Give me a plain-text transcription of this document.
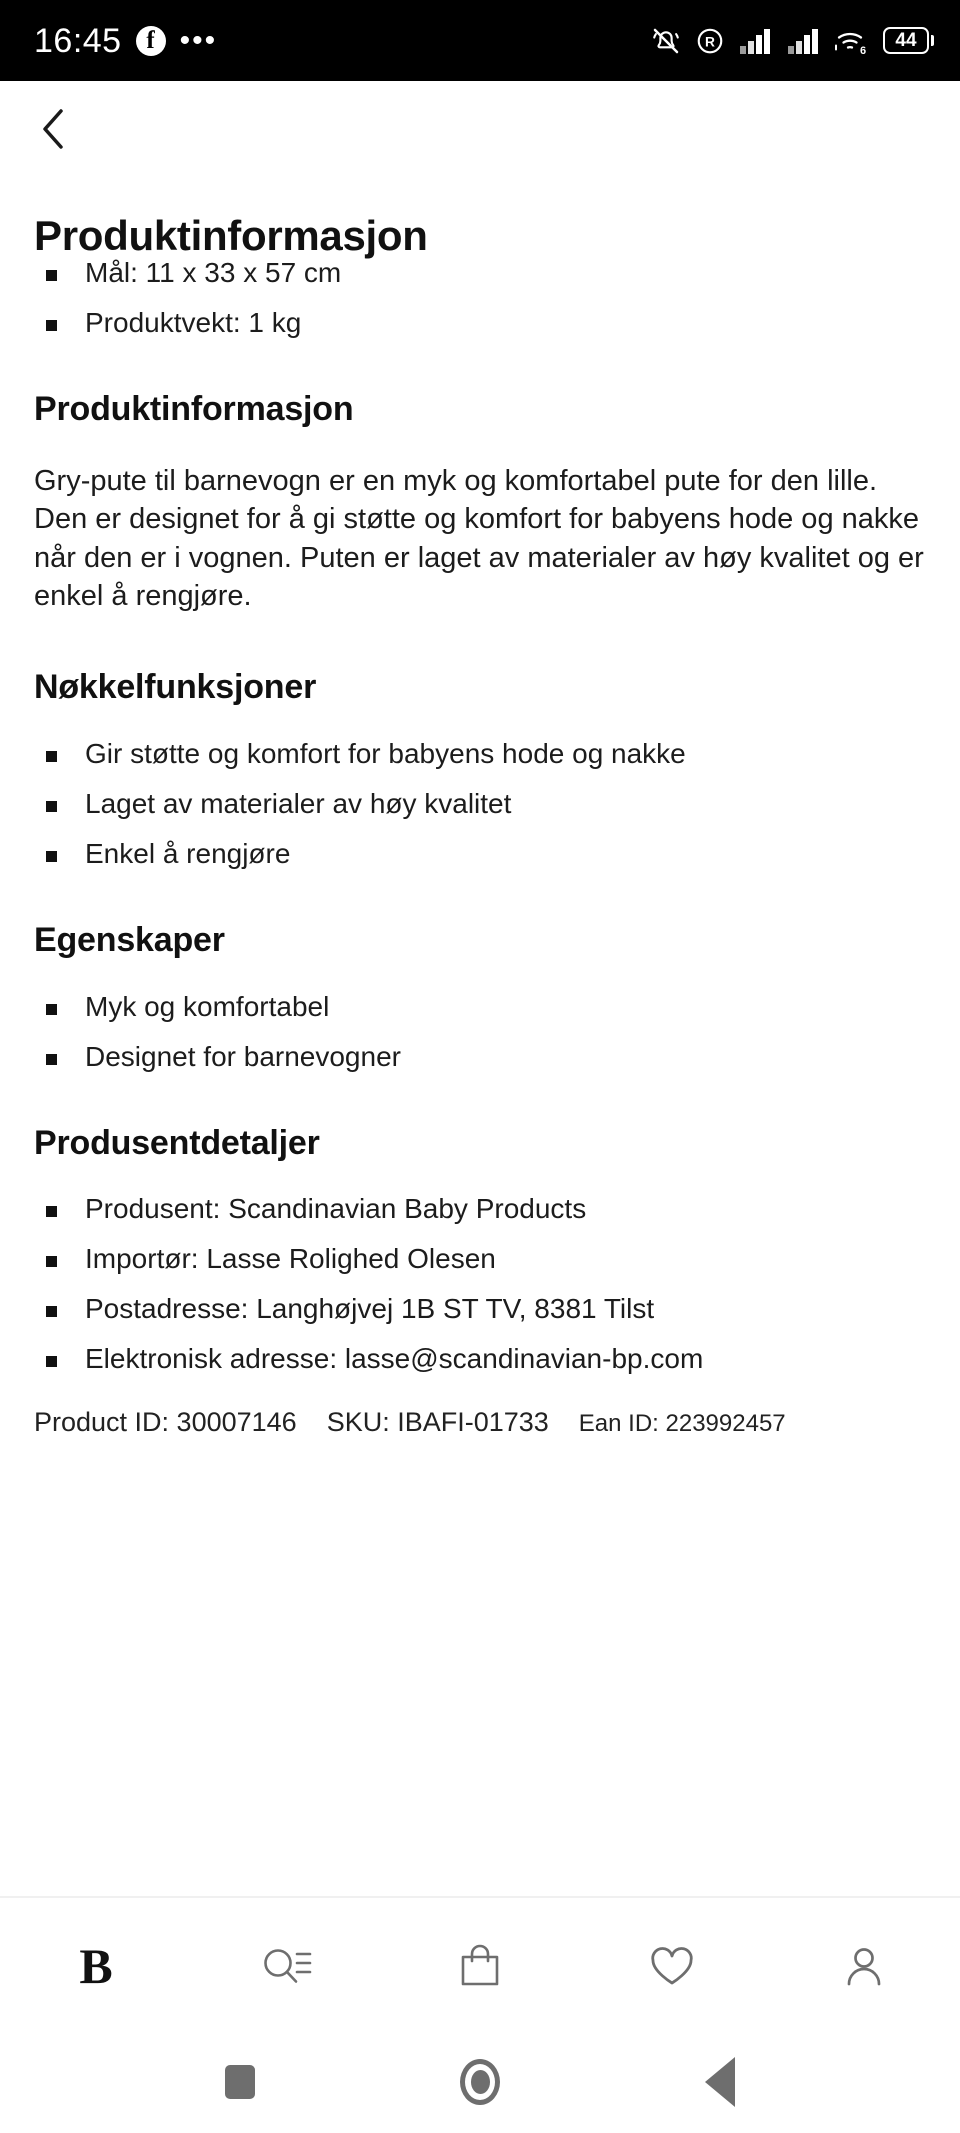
16:45 f •••	R
6 44
Produktinformasjon
Mål: 11 x 33 x 57 cm
Produktvekt: 1 kg
Produktinformasjon

Gry-pute til barnevogn er en myk og komfortabel pute for den lille. Den er designet for å gi støtte og komfort for babyens hode og nakke når den er i vognen. Puten er laget av materialer av høy kvalitet og er enkel å rengjøre.

Nøkkelfunksjoner
Gir støtte og komfort for babyens hode og nakke
Laget av materialer av høy kvalitet
Enkel å rengjøre
Egenskaper
Myk og komfortabel
Designet for barnevogner
Produsentdetaljer
Produsent: Scandinavian Baby Products
Importør: Lasse Rolighed Olesen
Postadresse: Langhøjvej 1B ST TV, 8381 Tilst
Elektronisk adresse: lasse@scandinavian-bp.com
Product ID: 30007146 SKU: IBAFI-01733 Ean ID: 223992457
B
